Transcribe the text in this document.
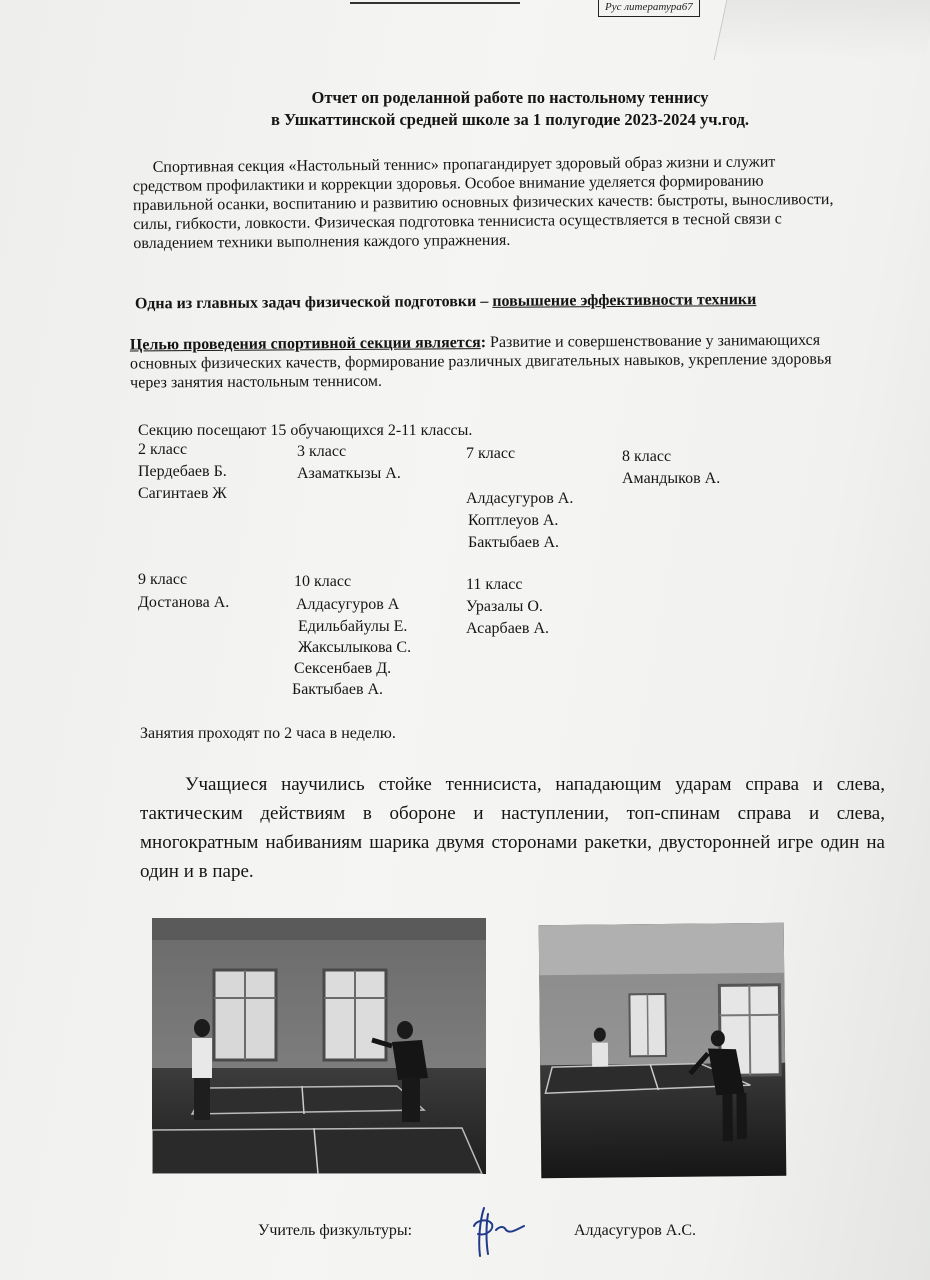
Рус литература67
Отчет оп роделанной работе по настольному теннису
в Ушкаттинской средней школе за 1 полугодие 2023-2024 уч.год.
Спортивная секция «Настольный теннис» пропагандирует здоровый образ жизни и служит средством профилактики и коррекции здоровья. Особое внимание уделяется формированию правильной осанки, воспитанию и развитию основных физических качеств: быстроты, выносливости, силы, гибкости, ловкости. Физическая подготовка теннисиста осуществляется в тесной связи с овладением техники выполнения каждого упражнения.
Одна из главных задач физической подготовки – повышение эффективности техники
Целью проведения спортивной секции является: Развитие и совершенствование у занимающихся основных физических качеств, формирование различных двигательных навыков, укрепление здоровья через занятия настольным теннисом.
Секцию посещают 15 обучающихся 2-11 классы.
2 класс
Пердебаев Б.
Сагинтаев Ж
3 класс
Азаматкызы А.
7 класс
Алдасугуров А.
Коптлеуов А.
Бактыбаев А.
8 класс
Амандыков А.
9 класс
Достанова А.
10 класс
Алдасугуров А
Едильбайулы Е.
Жаксылыкова С.
Сексенбаев Д.
Бактыбаев А.
11 класс
Уразалы О.
Асарбаев А.
Занятия проходят по 2 часа в неделю.
Учащиеся научились стойке теннисиста, нападающим ударам справа и слева, тактическим действиям в обороне и наступлении, топ-спинам справа и слева, многократным набиваниям шарика двумя сторонами ракетки, двусторонней игре один на один и в паре.
Учитель физкультуры:	Алдасугуров А.С.
